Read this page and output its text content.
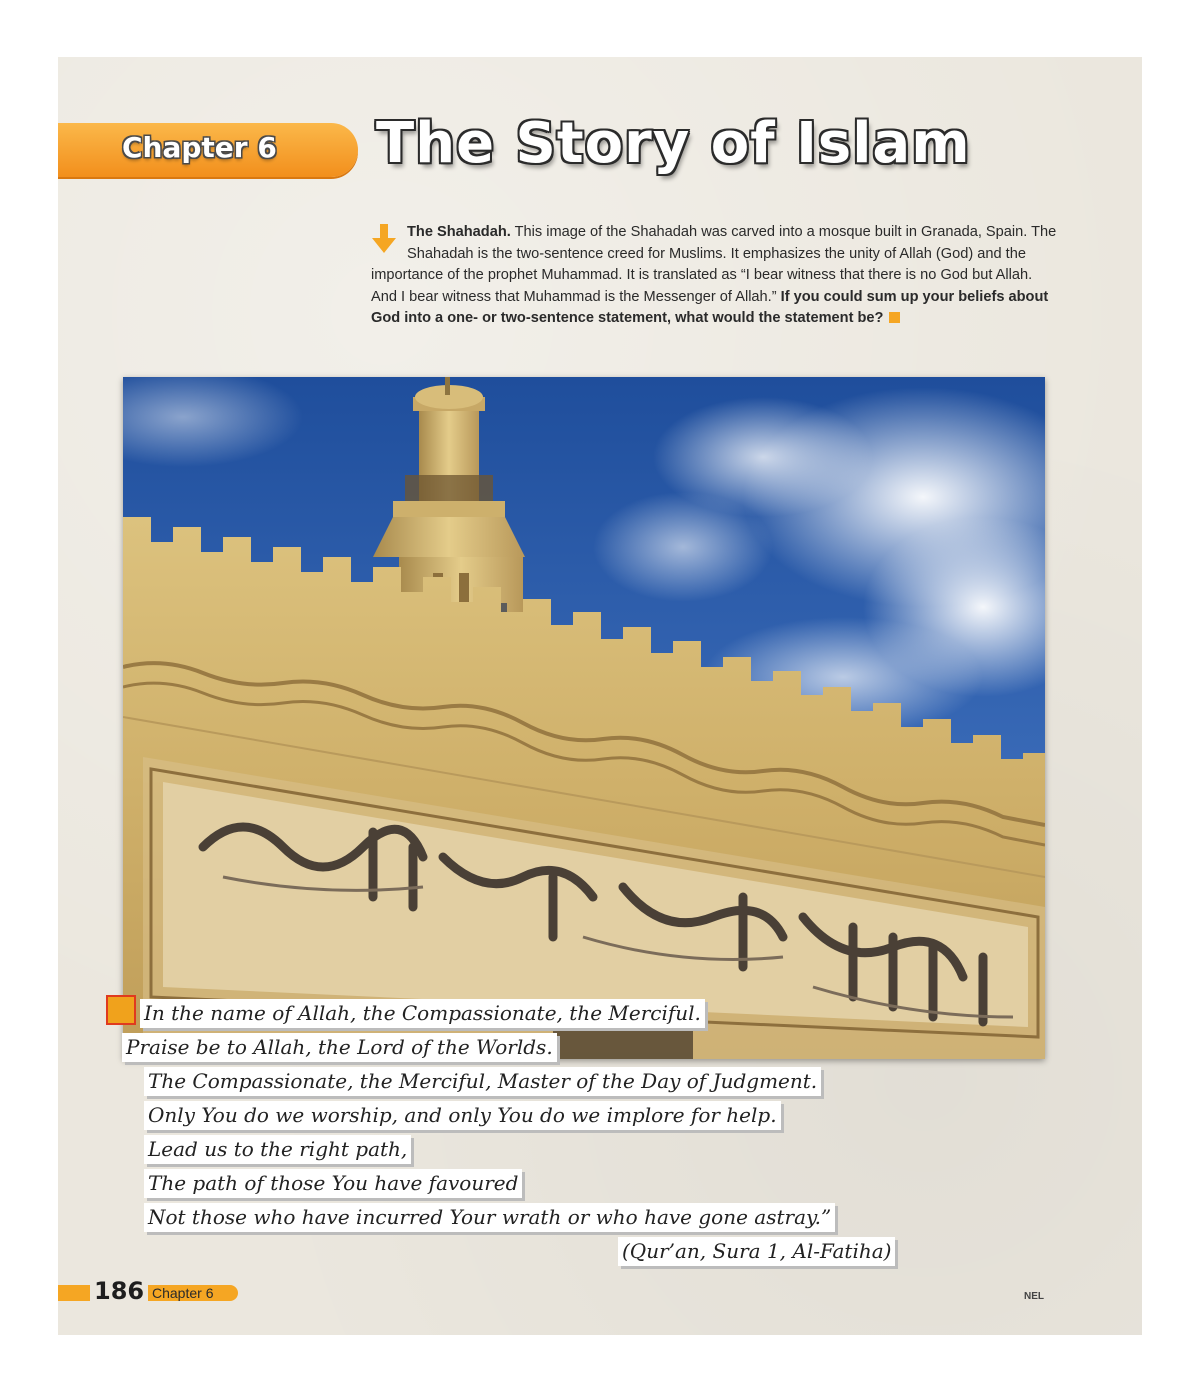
Chapter 6 The Story of Islam
The Shahadah. This image of the Shahadah was carved into a mosque built in Granada, Spain. The Shahadah is the two-sentence creed for Muslims. It emphasizes the unity of Allah (God) and the importance of the prophet Muhammad. It is translated as “I bear witness that there is no God but Allah. And I bear witness that Muhammad is the Messenger of Allah.” If you could sum up your beliefs about God into a one- or two-sentence statement, what would the statement be?
In the name of Allah, the Compassionate, the Merciful.
Praise be to Allah, the Lord of the Worlds.
The Compassionate, the Merciful, Master of the Day of Judgment.
Only You do we worship, and only You do we implore for help.
Lead us to the right path,
The path of those You have favoured
Not those who have incurred Your wrath or who have gone astray.”
(Qur’an, Sura 1, Al-Fatiha)
186 Chapter 6	NEL
